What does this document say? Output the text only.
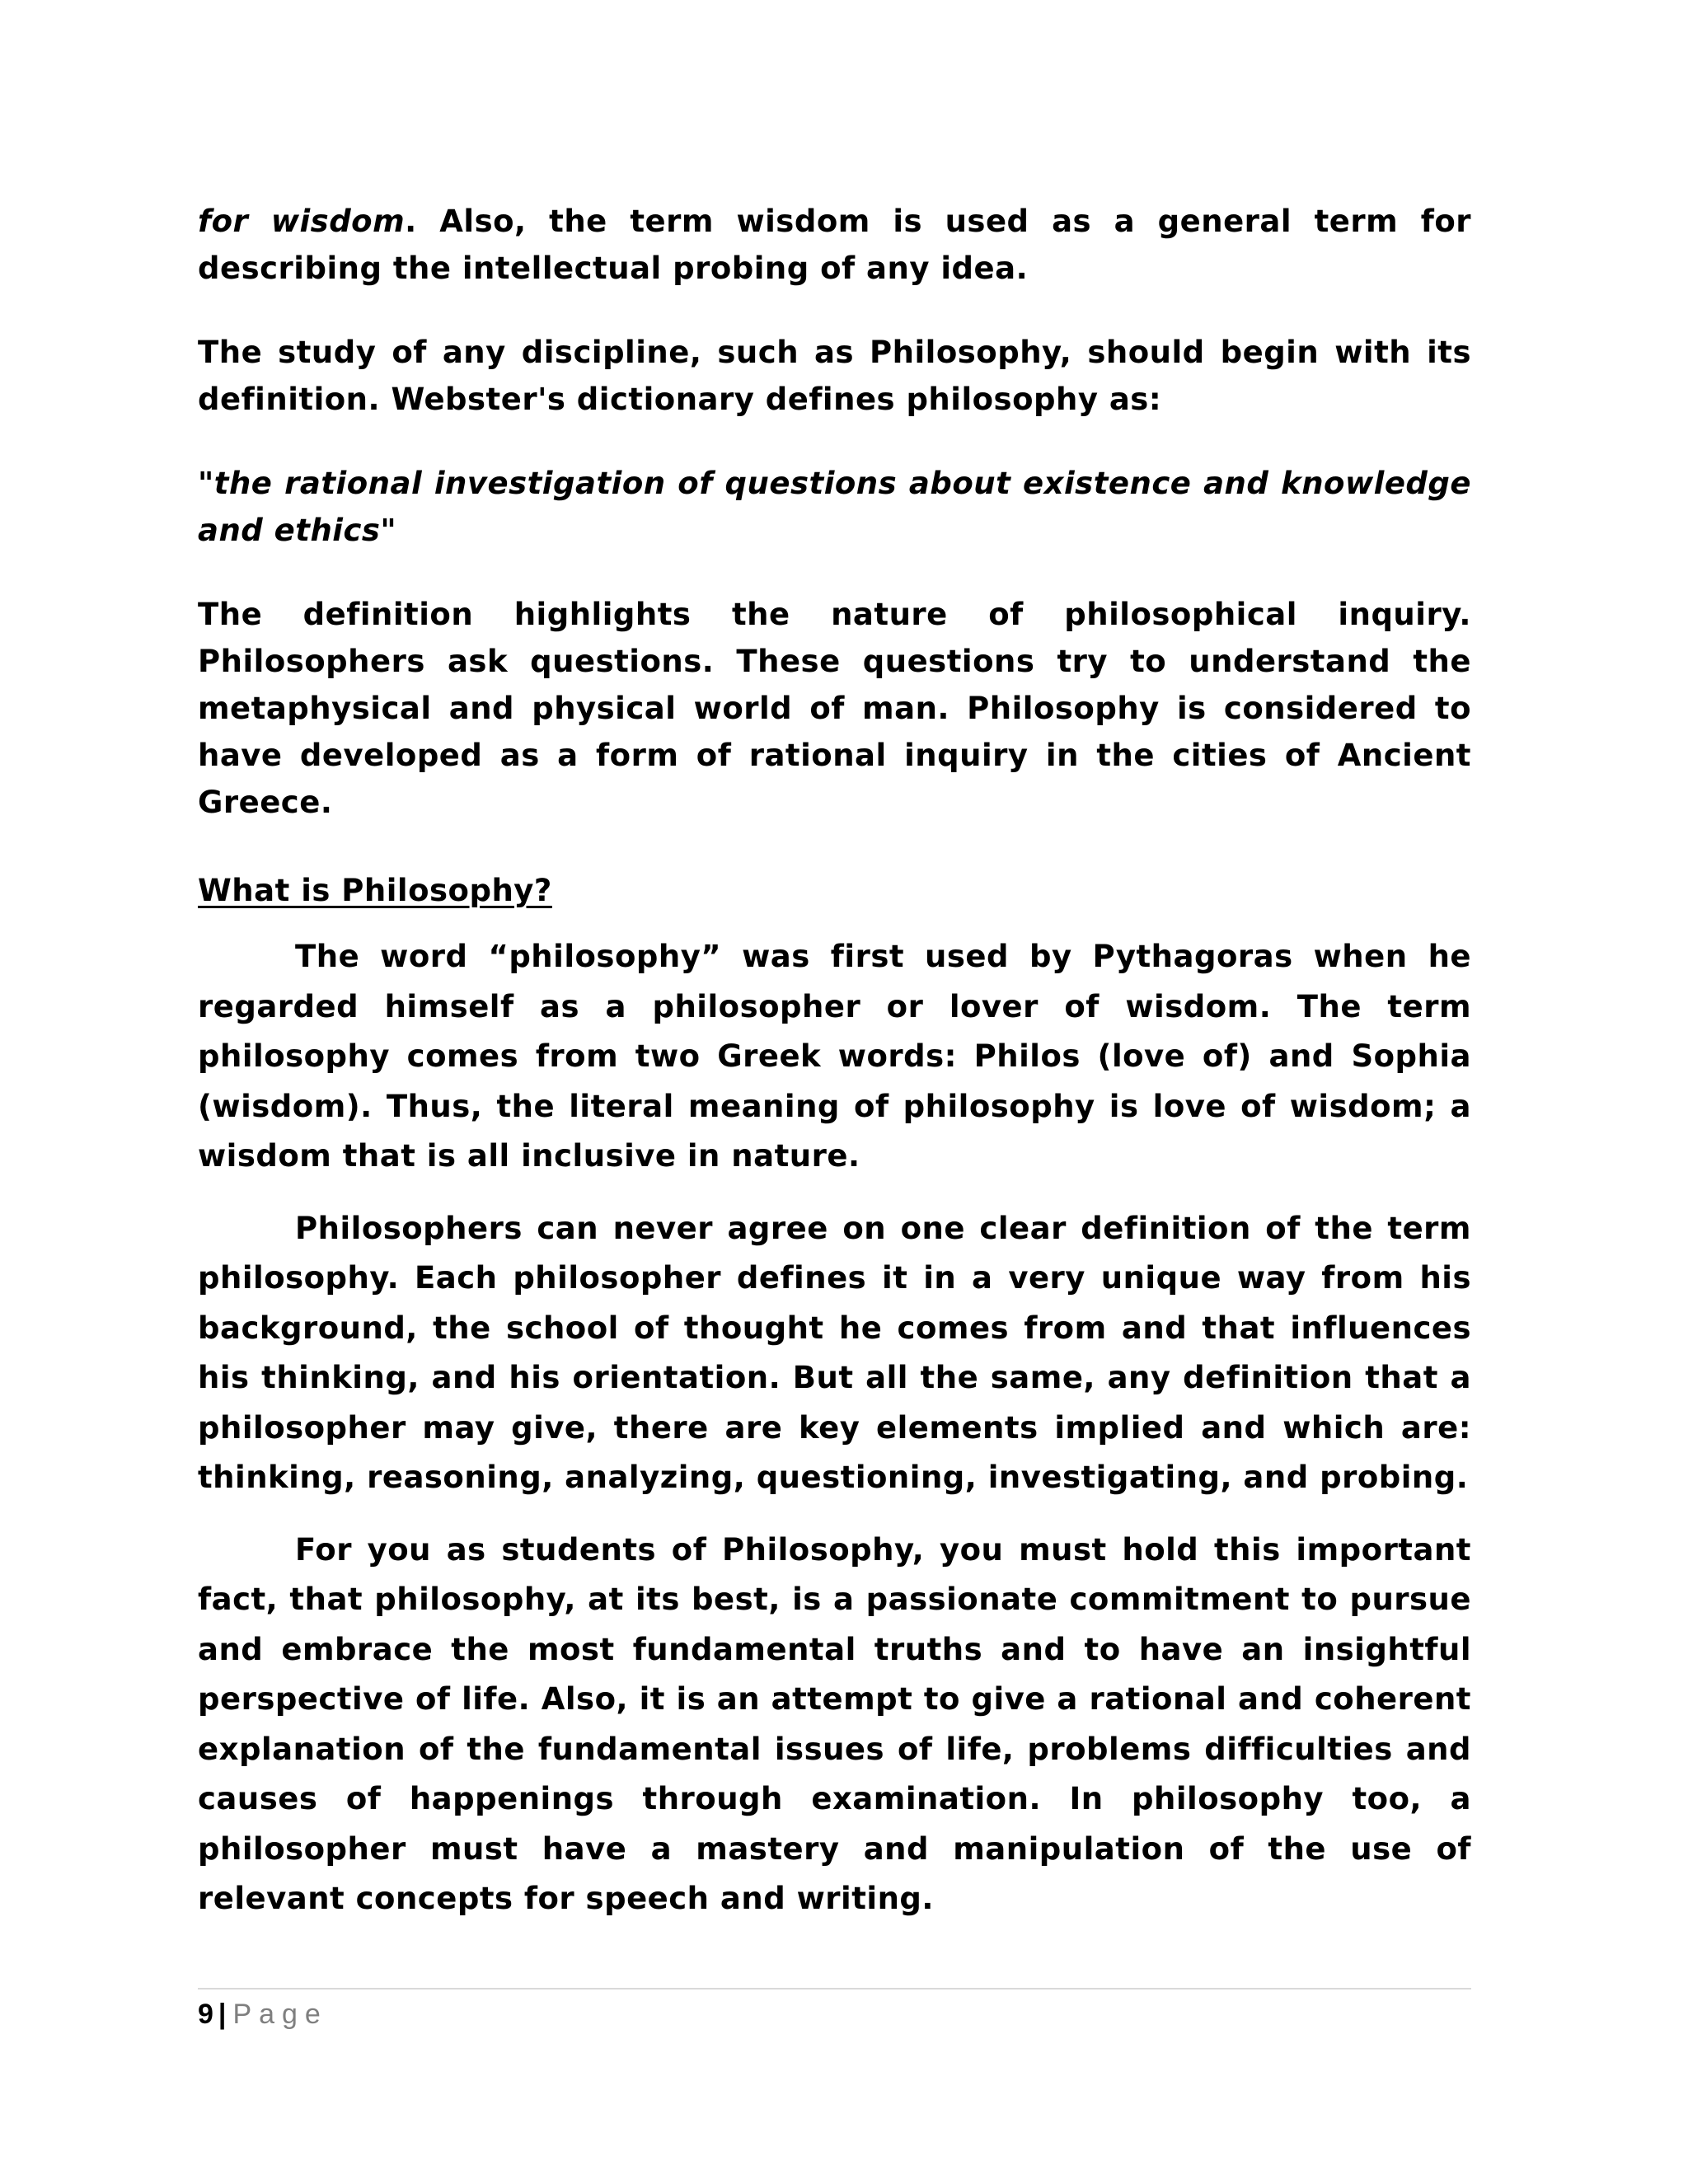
for wisdom. Also, the term wisdom is used as a general term for describing the intellectual probing of any idea.

The study of any discipline, such as Philosophy, should begin with its definition. Webster's dictionary defines philosophy as:

"the rational investigation of questions about existence and knowledge and ethics"

The definition highlights the nature of philosophical inquiry. Philosophers ask questions. These questions try to understand the metaphysical and physical world of man. Philosophy is considered to have developed as a form of rational inquiry in the cities of Ancient Greece.

What is Philosophy?

The word “philosophy” was first used by Pythagoras when he regarded himself as a philosopher or lover of wisdom. The term philosophy comes from two Greek words: Philos (love of) and Sophia (wisdom). Thus, the literal meaning of philosophy is love of wisdom; a wisdom that is all inclusive in nature.

Philosophers can never agree on one clear definition of the term philosophy. Each philosopher defines it in a very unique way from his background, the school of thought he comes from and that influences his thinking, and his orientation. But all the same, any definition that a philosopher may give, there are key elements implied and which are: thinking, reasoning, analyzing, questioning, investigating, and probing.

For you as students of Philosophy, you must hold this important fact, that philosophy, at its best, is a passionate commitment to pursue and embrace the most fundamental truths and to have an insightful perspective of life. Also, it is an attempt to give a rational and coherent explanation of the fundamental issues of life, problems difficulties and causes of happenings through examination. In philosophy too, a philosopher must have a mastery and manipulation of the use of relevant concepts for speech and writing.

9 | Page
